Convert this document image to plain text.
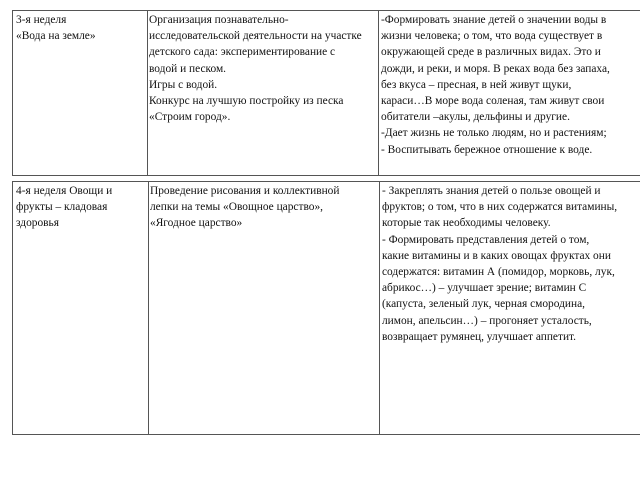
3-я неделя
«Вода на земле»
Организация познавательно-
исследовательской деятельности на участке
детского сада: экспериментирование с
водой и песком.
Игры с водой.
Конкурс на лучшую постройку из песка
«Строим город».
-Формировать знание детей о значении воды в
жизни человека; о том, что вода существует в
окружающей среде в различных видах. Это и
дожди, и реки, и моря. В реках вода без запаха,
без вкуса – пресная, в ней живут щуки,
караси…В море вода соленая, там живут свои
обитатели –акулы, дельфины и другие.
-Дает жизнь не только людям, но и растениям;
- Воспитывать бережное отношение к воде.
4-я неделя Овощи и
фрукты – кладовая
здоровья
Проведение рисования и коллективной
лепки на темы «Овощное царство»,
«Ягодное царство»
- Закреплять знания детей о пользе овощей и
фруктов; о том, что в них содержатся витамины,
которые так необходимы человеку.
- Формировать представления детей о том,
какие витамины и в каких овощах фруктах они
содержатся: витамин А (помидор, морковь, лук,
абрикос…) – улучшает зрение; витамин С
(капуста, зеленый лук, черная смородина,
лимон, апельсин…) – прогоняет усталость,
возвращает румянец, улучшает аппетит.
